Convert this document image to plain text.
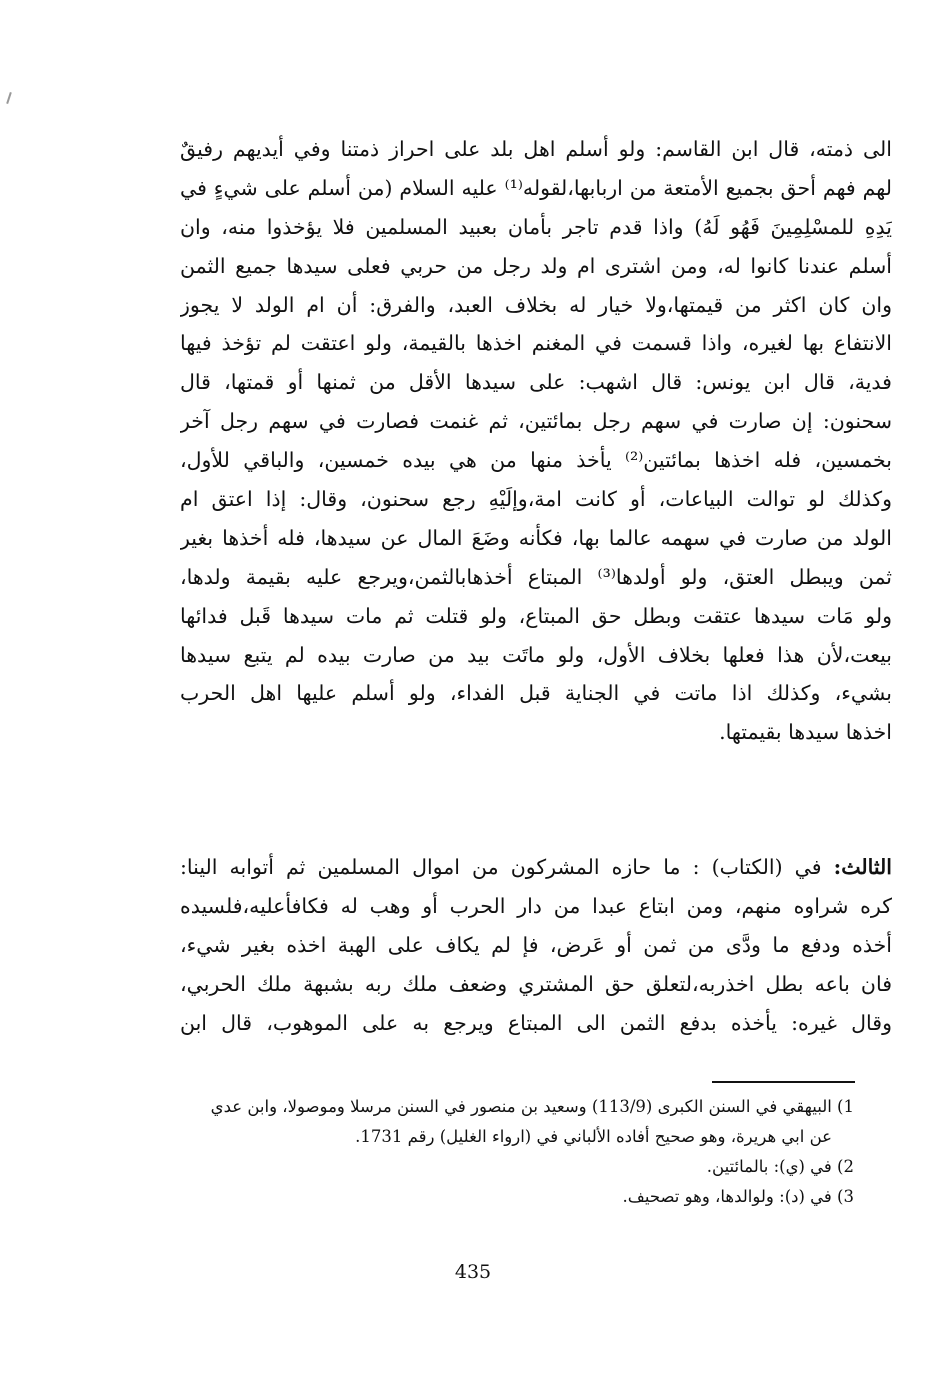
الى ذمته، قال ابن القاسم: ولو أسلم اهل بلد على احراز ذمتنا وفي أيديهم رفيقٌ
لهم فهم أحق بجميع الأمتعة من اربابها،لقوله⁽¹⁾ عليه السلام (من أسلم على شيءٍ في
يَدِهِ للمسْلِمِينَ فَهُو لَهُ) واذا قدم تاجر بأمان بعبيد المسلمين فلا يؤخذوا منه، وان
أسلم عندنا كانوا له، ومن اشترى ام ولد رجل من حربي فعلى سيدها جميع الثمن
وان كان اكثر من قيمتها،ولا خيار له بخلاف العبد، والفرق: أن ام الولد لا يجوز
الانتفاع بها لغيره، واذا قسمت في المغنم اخذها بالقيمة، ولو اعتقت لم تؤخذ فيها
فدية، قال ابن يونس: قال اشهب: على سيدها الأقل من ثمنها أو قمتها، قال
سحنون: إن صارت في سهم رجل بمائتين، ثم غنمت فصارت في سهم رجل آخر
بخمسين، فله اخذها بمائتين⁽²⁾ يأخذ منها من هي بيده خمسين، والباقي للأول،
وكذلك لو توالت البياعات، أو كانت امة،وإلَيْهِ رجع سحنون، وقال: إذا اعتق ام
الولد من صارت في سهمه عالما بها، فكأنه وضَعَ المال عن سيدها، فله أخذها بغير
ثمن ويبطل العتق، ولو أولدها⁽³⁾ المبتاع أخذهابالثمن،ويرجع عليه بقيمة ولدها،
ولو مَات سيدها عتقت وبطل حق المبتاع، ولو قتلت ثم مات سيدها قَبل فدائها
بيعت،لأن هذا فعلها بخلاف الأول، ولو ماتَت بيد من صارت بيده لم يتبع سيدها
بشيء، وكذلك اذا ماتت في الجناية قبل الفداء، ولو أسلم عليها اهل الحرب
اخذها سيدها بقيمتها.
الثالث: في (الكتاب) : ما حازه المشركون من اموال المسلمين ثم أتوابه الينا:
كره شراوه منهم، ومن ابتاع عبدا من دار الحرب أو وهب له فكافأعليه،فلسيده
أخذه ودفع ما ودَّى من ثمن أو عَرض، فإ لم يكاف على الهبة اخذه بغير شيء،
فان باعه بطل اخذربه،لتعلق حق المشتري وضعف ملك ربه بشبهة ملك الحربي،
وقال غيره: يأخذه بدفع الثمن الى المبتاع ويرجع به على الموهوب، قال ابن
1) البيهقي في السنن الكبرى (113/9) وسعيد بن منصور في السنن مرسلا وموصولا، وابن عدي
عن ابي هريرة، وهو صحيح أفاده الألباني في (ارواء الغليل) رقم 1731.
2) في (ي): بالمائتين.
3) في (د): ولوالدها، وهو تصحيف.
435
